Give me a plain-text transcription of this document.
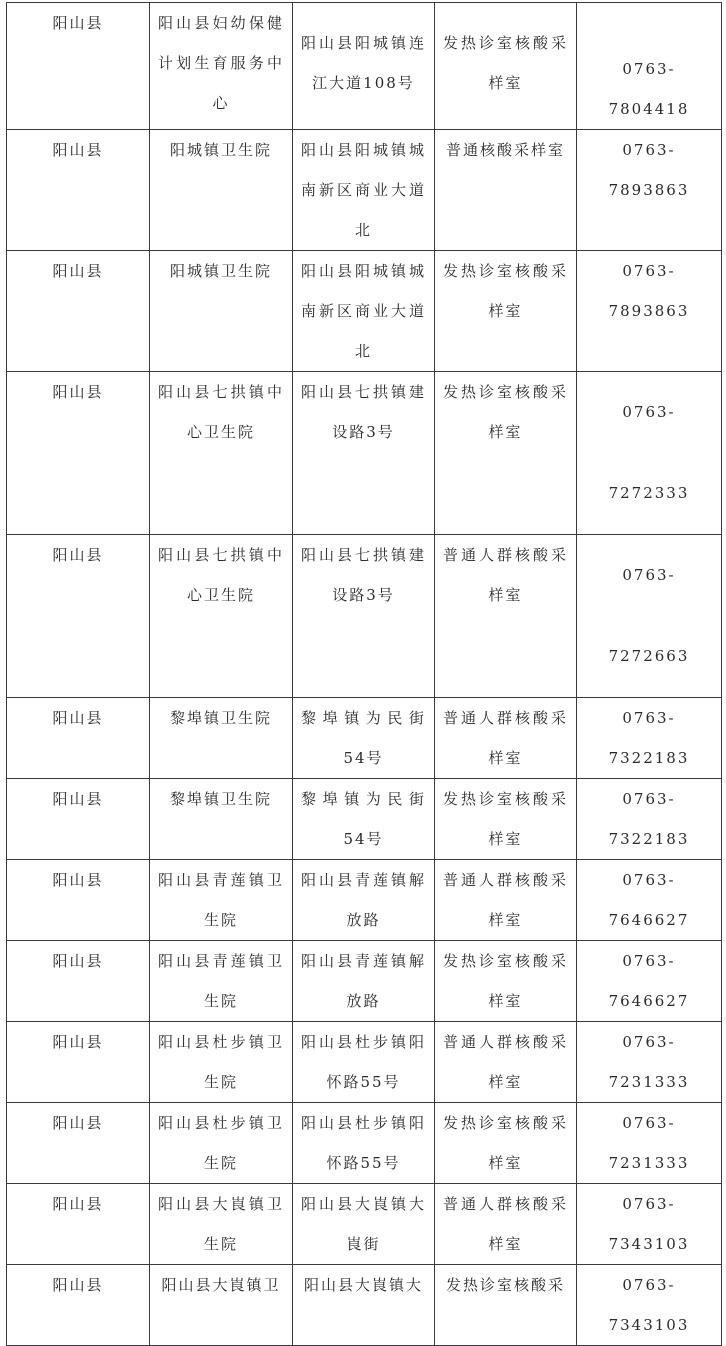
阳山县	阳山县妇幼保健计划生育服务中心	阳山县阳城镇连江大道108号	发热诊室核酸采样室	0763-7804418
阳山县	阳城镇卫生院	阳山县阳城镇城南新区商业大道北	普通核酸采样室	0763-7893863
阳山县	阳城镇卫生院	阳山县阳城镇城南新区商业大道北	发热诊室核酸采样室	0763-7893863
阳山县	阳山县七拱镇中心卫生院	阳山县七拱镇建设路3号	发热诊室核酸采样室	0763-7272333
阳山县	阳山县七拱镇中心卫生院	阳山县七拱镇建设路3号	普通人群核酸采样室	0763-7272663
阳山县	黎埠镇卫生院	黎埠镇为民街54号	普通人群核酸采样室	0763-7322183
阳山县	黎埠镇卫生院	黎埠镇为民街54号	发热诊室核酸采样室	0763-7322183
阳山县	阳山县青莲镇卫生院	阳山县青莲镇解放路	普通人群核酸采样室	0763-7646627
阳山县	阳山县青莲镇卫生院	阳山县青莲镇解放路	发热诊室核酸采样室	0763-7646627
阳山县	阳山县杜步镇卫生院	阳山县杜步镇阳怀路55号	普通人群核酸采样室	0763-7231333
阳山县	阳山县杜步镇卫生院	阳山县杜步镇阳怀路55号	发热诊室核酸采样室	0763-7231333
阳山县	阳山县大崀镇卫生院	阳山县大崀镇大崀街	普通人群核酸采样室	0763-7343103
阳山县	阳山县大崀镇卫	阳山县大崀镇大	发热诊室核酸采	0763-7343103
